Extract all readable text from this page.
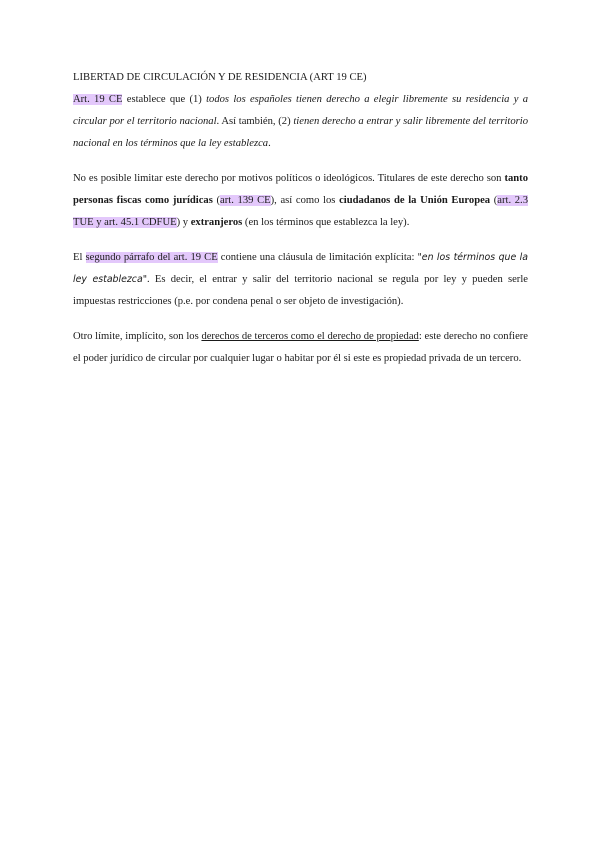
LIBERTAD DE CIRCULACIÓN Y DE RESIDENCIA (ART 19 CE)

Art. 19 CE establece que (1) todos los españoles tienen derecho a elegir libremente su residencia y a circular por el territorio nacional. Así también, (2) tienen derecho a entrar y salir libremente del territorio nacional en los términos que la ley establezca.

No es posible limitar este derecho por motivos políticos o ideológicos. Titulares de este derecho son tanto personas fiscas como jurídicas (art. 139 CE), así como los ciudadanos de la Unión Europea (art. 2.3 TUE y art. 45.1 CDFUE) y extranjeros (en los términos que establezca la ley).

El segundo párrafo del art. 19 CE contiene una cláusula de limitación explícita: "en los términos que la ley establezca". Es decir, el entrar y salir del territorio nacional se regula por ley y pueden serle impuestas restricciones (p.e. por condena penal o ser objeto de investigación).

Otro límite, implícito, son los derechos de terceros como el derecho de propiedad: este derecho no confiere el poder jurídico de circular por cualquier lugar o habitar por él si este es propiedad privada de un tercero.
